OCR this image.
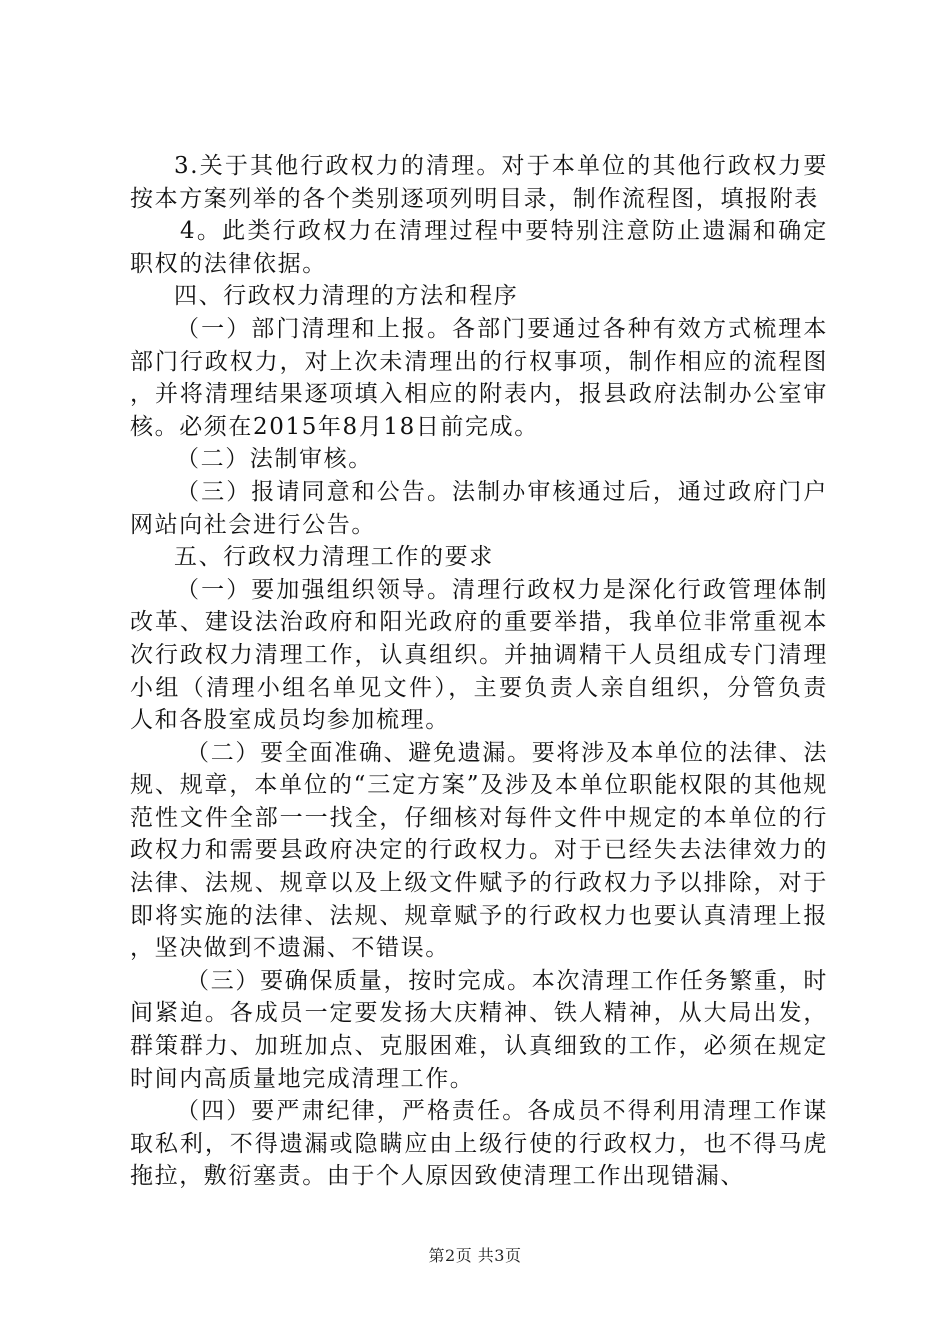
3.关于其他行政权力的清理。对于本单位的其他行政权力要按本方案列举的各个类别逐项列明目录，制作流程图，填报附表

4。此类行政权力在清理过程中要特别注意防止遗漏和确定职权的法律依据。

四、行政权力清理的方法和程序

（一）部门清理和上报。各部门要通过各种有效方式梳理本部门行政权力，对上次未清理出的行权事项，制作相应的流程图，并将清理结果逐项填入相应的附表内，报县政府法制办公室审核。必须在2015年8月18日前完成。

（二）法制审核。

（三）报请同意和公告。法制办审核通过后，通过政府门户网站向社会进行公告。

五、行政权力清理工作的要求

（一）要加强组织领导。清理行政权力是深化行政管理体制改革、建设法治政府和阳光政府的重要举措，我单位非常重视本次行政权力清理工作，认真组织。并抽调精干人员组成专门清理小组（清理小组名单见文件），主要负责人亲自组织，分管负责人和各股室成员均参加梳理。

（二）要全面准确、避免遗漏。要将涉及本单位的法律、法规、规章，本单位的“三定方案”及涉及本单位职能权限的其他规范性文件全部一一找全，仔细核对每件文件中规定的本单位的行政权力和需要县政府决定的行政权力。对于已经失去法律效力的法律、法规、规章以及上级文件赋予的行政权力予以排除，对于即将实施的法律、法规、规章赋予的行政权力也要认真清理上报，坚决做到不遗漏、不错误。

（三）要确保质量，按时完成。本次清理工作任务繁重，时间紧迫。各成员一定要发扬大庆精神、铁人精神，从大局出发，群策群力、加班加点、克服困难，认真细致的工作，必须在规定时间内高质量地完成清理工作。

（四）要严肃纪律，严格责任。各成员不得利用清理工作谋取私利，不得遗漏或隐瞒应由上级行使的行政权力，也不得马虎拖拉，敷衍塞责。由于个人原因致使清理工作出现错漏、

第2页 共3页
